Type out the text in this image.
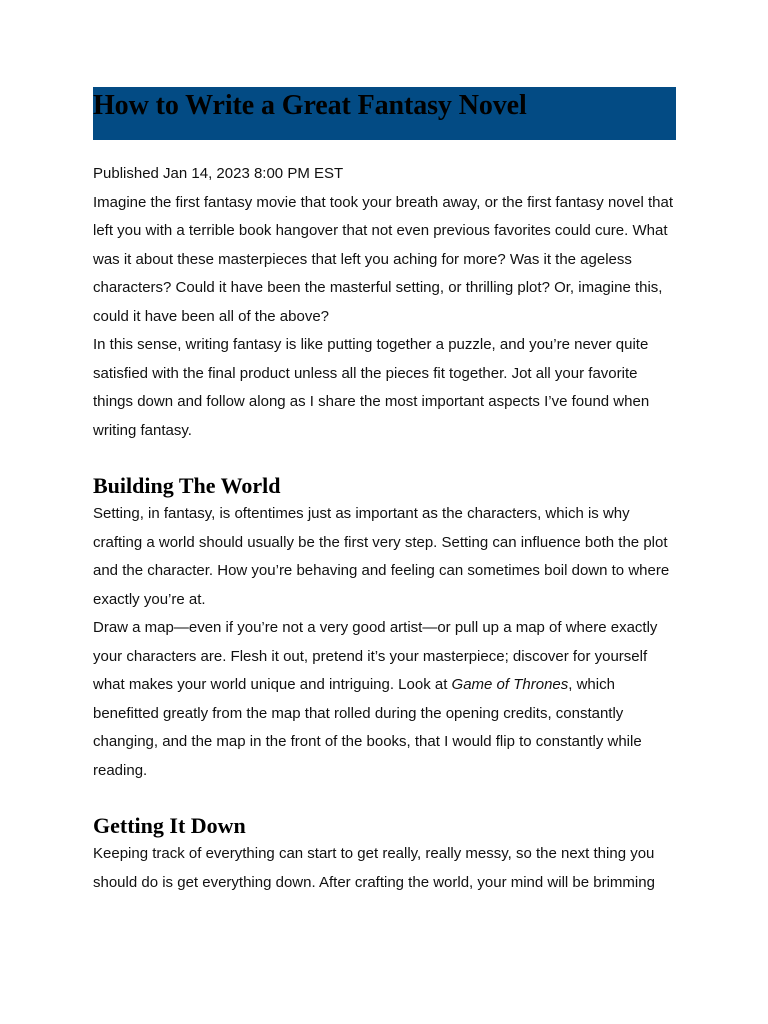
How to Write a Great Fantasy Novel
Published Jan 14, 2023 8:00 PM EST

Imagine the first fantasy movie that took your breath away, or the first fantasy novel that left you with a terrible book hangover that not even previous favorites could cure. What was it about these masterpieces that left you aching for more? Was it the ageless characters? Could it have been the masterful setting, or thrilling plot? Or, imagine this, could it have been all of the above?

In this sense, writing fantasy is like putting together a puzzle, and you’re never quite satisfied with the final product unless all the pieces fit together. Jot all your favorite things down and follow along as I share the most important aspects I’ve found when writing fantasy.

Building The World

Setting, in fantasy, is oftentimes just as important as the characters, which is why crafting a world should usually be the first very step. Setting can influence both the plot and the character. How you’re behaving and feeling can sometimes boil down to where exactly you’re at.

Draw a map—even if you’re not a very good artist—or pull up a map of where exactly your characters are. Flesh it out, pretend it’s your masterpiece; discover for yourself what makes your world unique and intriguing. Look at Game of Thrones, which benefitted greatly from the map that rolled during the opening credits, constantly changing, and the map in the front of the books, that I would flip to constantly while reading.

Getting It Down

Keeping track of everything can start to get really, really messy, so the next thing you should do is get everything down. After crafting the world, your mind will be brimming
